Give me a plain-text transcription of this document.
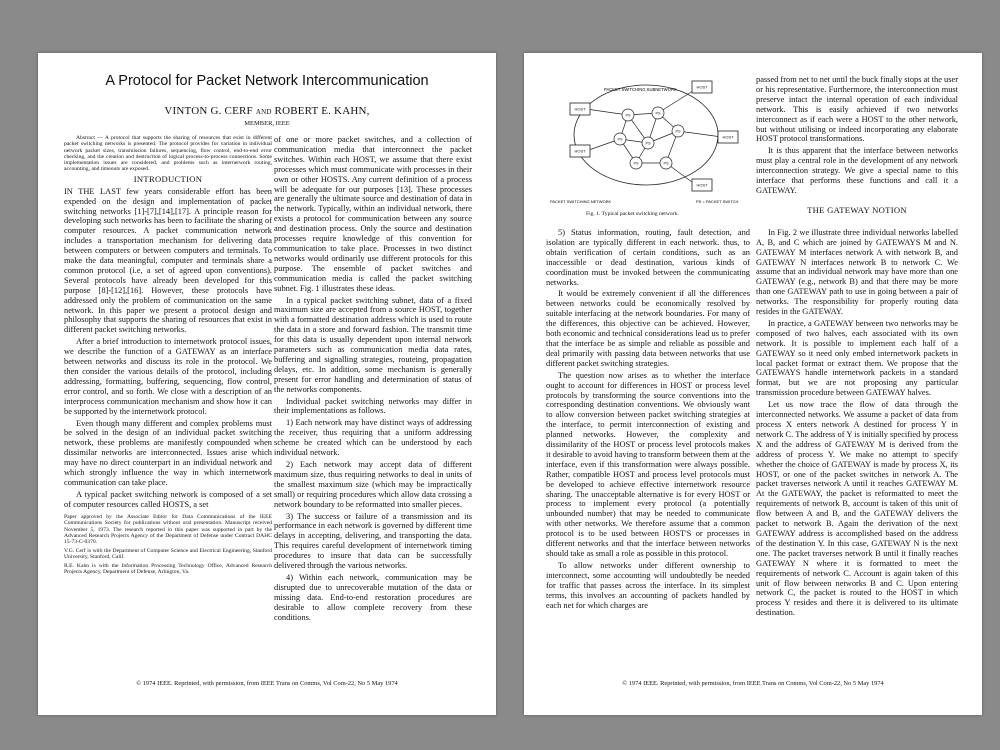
A Protocol for Packet Network Intercommunication
VINTON G. CERF AND ROBERT E. KAHN,
MEMBER, IEEE

Abstract — A protocol that supports the sharing of resources that exist in different packet switching networks is presented. The protocol provides for variation in individual network packet sizes, transmission failures, sequencing, flow control, end-to-end error checking, and the creation and destruction of logical process-to-process connections. Some implementation issues are considered, and problems such as internetwork routing, accounting, and timeouts are exposed.

INTRODUCTION

IN THE LAST few years considerable effort has been expended on the design and implementation of packet switching networks [1]-[7],[14],[17]. A principle reason for developing such networks has been to facilitate the sharing of computer resources. A packet communication network includes a transportation mechanism for delivering data between computers or between computers and terminals. To make the data meaningful, computer and terminals share a common protocol (i.e, a set of agreed upon conventions). Several protocols have already been developed for this purpose [8]-[12],[16]. However, these protocols have addressed only the problem of communication on the same network. In this paper we present a protocol design and philosophy that supports the sharing of resources that exist in different packet switching networks.

After a brief introduction to internetwork protocol issues, we describe the function of a GATEWAY as an interface between networks and discuss its role in the protocol. We then consider the various details of the protocol, including addressing, formatting, buffering, sequencing, flow control, error control, and so forth. We close with a description of an interprocess communication mechanism and show how it can be supported by the internetwork protocol.

Even though many different and complex problems must be solved in the design of an individual packet switching network, these problems are manifestly compounded when dissimilar networks are interconnected. Issues arise which may have no direct counterpart in an individual network and which strongly influence the way in which internetwork communication can take place.

A typical packet switching network is composed of a set of computer resources called HOSTS, a set

Paper approved by the Associate Editor for Data Communications of the IEEE Communications Society for publications without oral presentation. Manuscript received November 5, 1973. The research reported in this paper was supported in part by the Advanced Research Projects Agency of the Department of Defense under Contract DAHC 15-73-C-0370.

V.G. Cerf is with the Department of Computer Science and Electrical Engineering, Stanford University, Stanford, Calif.

R.E. Kahn is with the Information Processing Technology Office, Advanced Research Projects Agency, Department of Defense, Arlington, Va.

of one or more packet switches, and a collection of communication media that interconnect the packet switches. Within each HOST, we assume that there exist processes which must communicate with processes in their own or other HOSTS. Any current definition of a process will be adequate for our purposes [13]. These processes are generally the ultimate source and destination of data in the network. Typically, within an individual network, there exists a protocol for communication between any source and destination process. Only the source and destination processes require knowledge of this convention for communication to take place. Processes in two distinct networks would ordinarily use different protocols for this purpose. The ensemble of packet switches and communication media is called the packet switching subnet. Fig. 1 illustrates these ideas.

In a typical packet switching subnet, data of a fixed maximum size are accepted from a source HOST, together with a formatted destination address which is used to route the data in a store and forward fashion. The transmit time for this data is usually dependent upon internal network parameters such as communication media data rates, buffering and signalling strategies, routeing, propagation delays, etc. In addition, some mechanism is generally present for error handling and determination of status of the networks components.

Individual packet switching networks may differ in their implementations as follows.

1) Each network may have distinct ways of addressing the receiver, thus requiring that a uniform addressing scheme be created which can be understood by each individual network.

2) Each network may accept data of different maximum size, thus requiring networks to deal in units of the smallest maximum size (which may be impractically small) or requiring procedures which allow data crossing a network boundary to be reformatted into smaller pieces.

3) The success or failure of a transmission and its performance in each network is governed by different time delays in accepting, delivering, and transporting the data. This requires careful development of internetwork timing procedures to insure that data can be successfully delivered through the various networks.

4) Within each network, communication may be disrupted due to unrecoverable mutation of the data or missing data. End-to-end restoration procedures are desirable to allow complete recovery from these conditions.

© 1974 IEEE. Reprinted, with permission, from IEEE Trans on Comms, Vol Com-22, No 5 May 1974
PACKET SWITCHING SUBNETWORK
PS	PS
PS
PS
PS
PS	PS
HOST
HOST
HOST
HOST
HOST
PACKET SWITCHING NETWORK	PS = PACKET SWITCH
Fig. 1. Typical packet switching network.

5) Status information, routing, fault detection, and isolation are typically different in each network. thus, to obtain verification of certain conditions, such as an inaccessible or dead destination, various kinds of coordination must be invoked between the communicating networks.

It would be extremely convenient if all the differences between networks could be economically resolved by suitable interfacing at the network boundaries. For many of the differences, this objective can be achieved. However, both economic and technical considerations lead us to prefer that the interface be as simple and reliable as possible and deal primarily with passing data between networks that use different packet switching strategies.

The question now arises as to whether the interface ought to account for differences in HOST or process level protocols by transforming the source conventions into the corresponding destination conventions. We obviously want to allow conversion between packet switching strategies at the interface, to permit interconnection of existing and planned networks. However, the complexity and dissimilarity of the HOST or process level protocols makes it desirable to avoid having to transform between them at the interface, even if this transformation were always possible. Rather, compatible HOST and process level protocols must be developed to achieve effective internetwork resource sharing. The unacceptable alternative is for every HOST or process to implement every protocol (a potentially unbounded number) that may be needed to communicate with other networks. We therefore assume that a common protocol is to be used between HOST'S or processes in different networks and that the interface between networks should take as small a role as possible in this protocol.

To allow networks under different ownership to interconnect, some accounting will undoubtedly be needed for traffic that passes across the interface. In its simplest terms, this involves an accounting of packets handled by each net for which charges are

passed from net to net until the buck finally stops at the user or his representative. Furthermore, the interconnection must preserve intact the internal operation of each individual network. This is easily achieved if two networks interconnect as if each were a HOST to the other network, but without utilising or indeed incorporating any elaborate HOST protocol transformations.

It is thus apparent that the interface between networks must play a central role in the development of any network interconnection strategy. We give a special name to this interface that performs these functions and call it a GATEWAY.

THE GATEWAY NOTION

In Fig. 2 we illustrate three individual networks labelled A, B, and C which are joined by GATEWAYS M and N. GATEWAY M interfaces network A with network B, and GATEWAY N interfaces network B to network C. We assume that an individual network may have more than one GATEWAY (e.g., network B) and that there may be more than one GATEWAY path to use in going between a pair of networks. The responsibility for properly routing data resides in the GATEWAY.

In practice, a GATEWAY between two networks may be composed of two halves, each associated with its own network. It is possible to implement each half of a GATEWAY so it need only embed internetwork packets in local packet format or extract them. We propose that the GATEWAYS handle internetwork packets in a standard format, but we are not proposing any particular transmission procedure between GATEWAY halves.

Let us now trace the flow of data through the interconnected networks. We assume a packet of data from process X enters network A destined for process Y in network C. The address of Y is initially specified by process X and the address of GATEWAY M is derived from the address of process Y. We make no attempt to specify whether the choice of GATEWAY is made by process X, its HOST, or one of the packet switches in network A. The packet traverses network A until it reaches GATEWAY M. At the GATEWAY, the packet is reformatted to meet the requirements of network B, account is taken of this unit of flow between A and B, and the GATEWAY delivers the packet to network B. Again the derivation of the next GATEWAY address is accomplished based on the address of the destination Y. In this case, GATEWAY N is the next one. The packet traverses network B until it finally reaches GATEWAY N where it is formatted to meet the requirements of network C. Account is again taken of this unit of flow between networks B and C. Upon entering network C, the packet is routed to the HOST in which process Y resides and there it is delivered to its ultimate destination.

© 1974 IEEE. Reprinted, with permission, from IEEE Trans on Comms, Vol Com-22, No 5 May 1974
